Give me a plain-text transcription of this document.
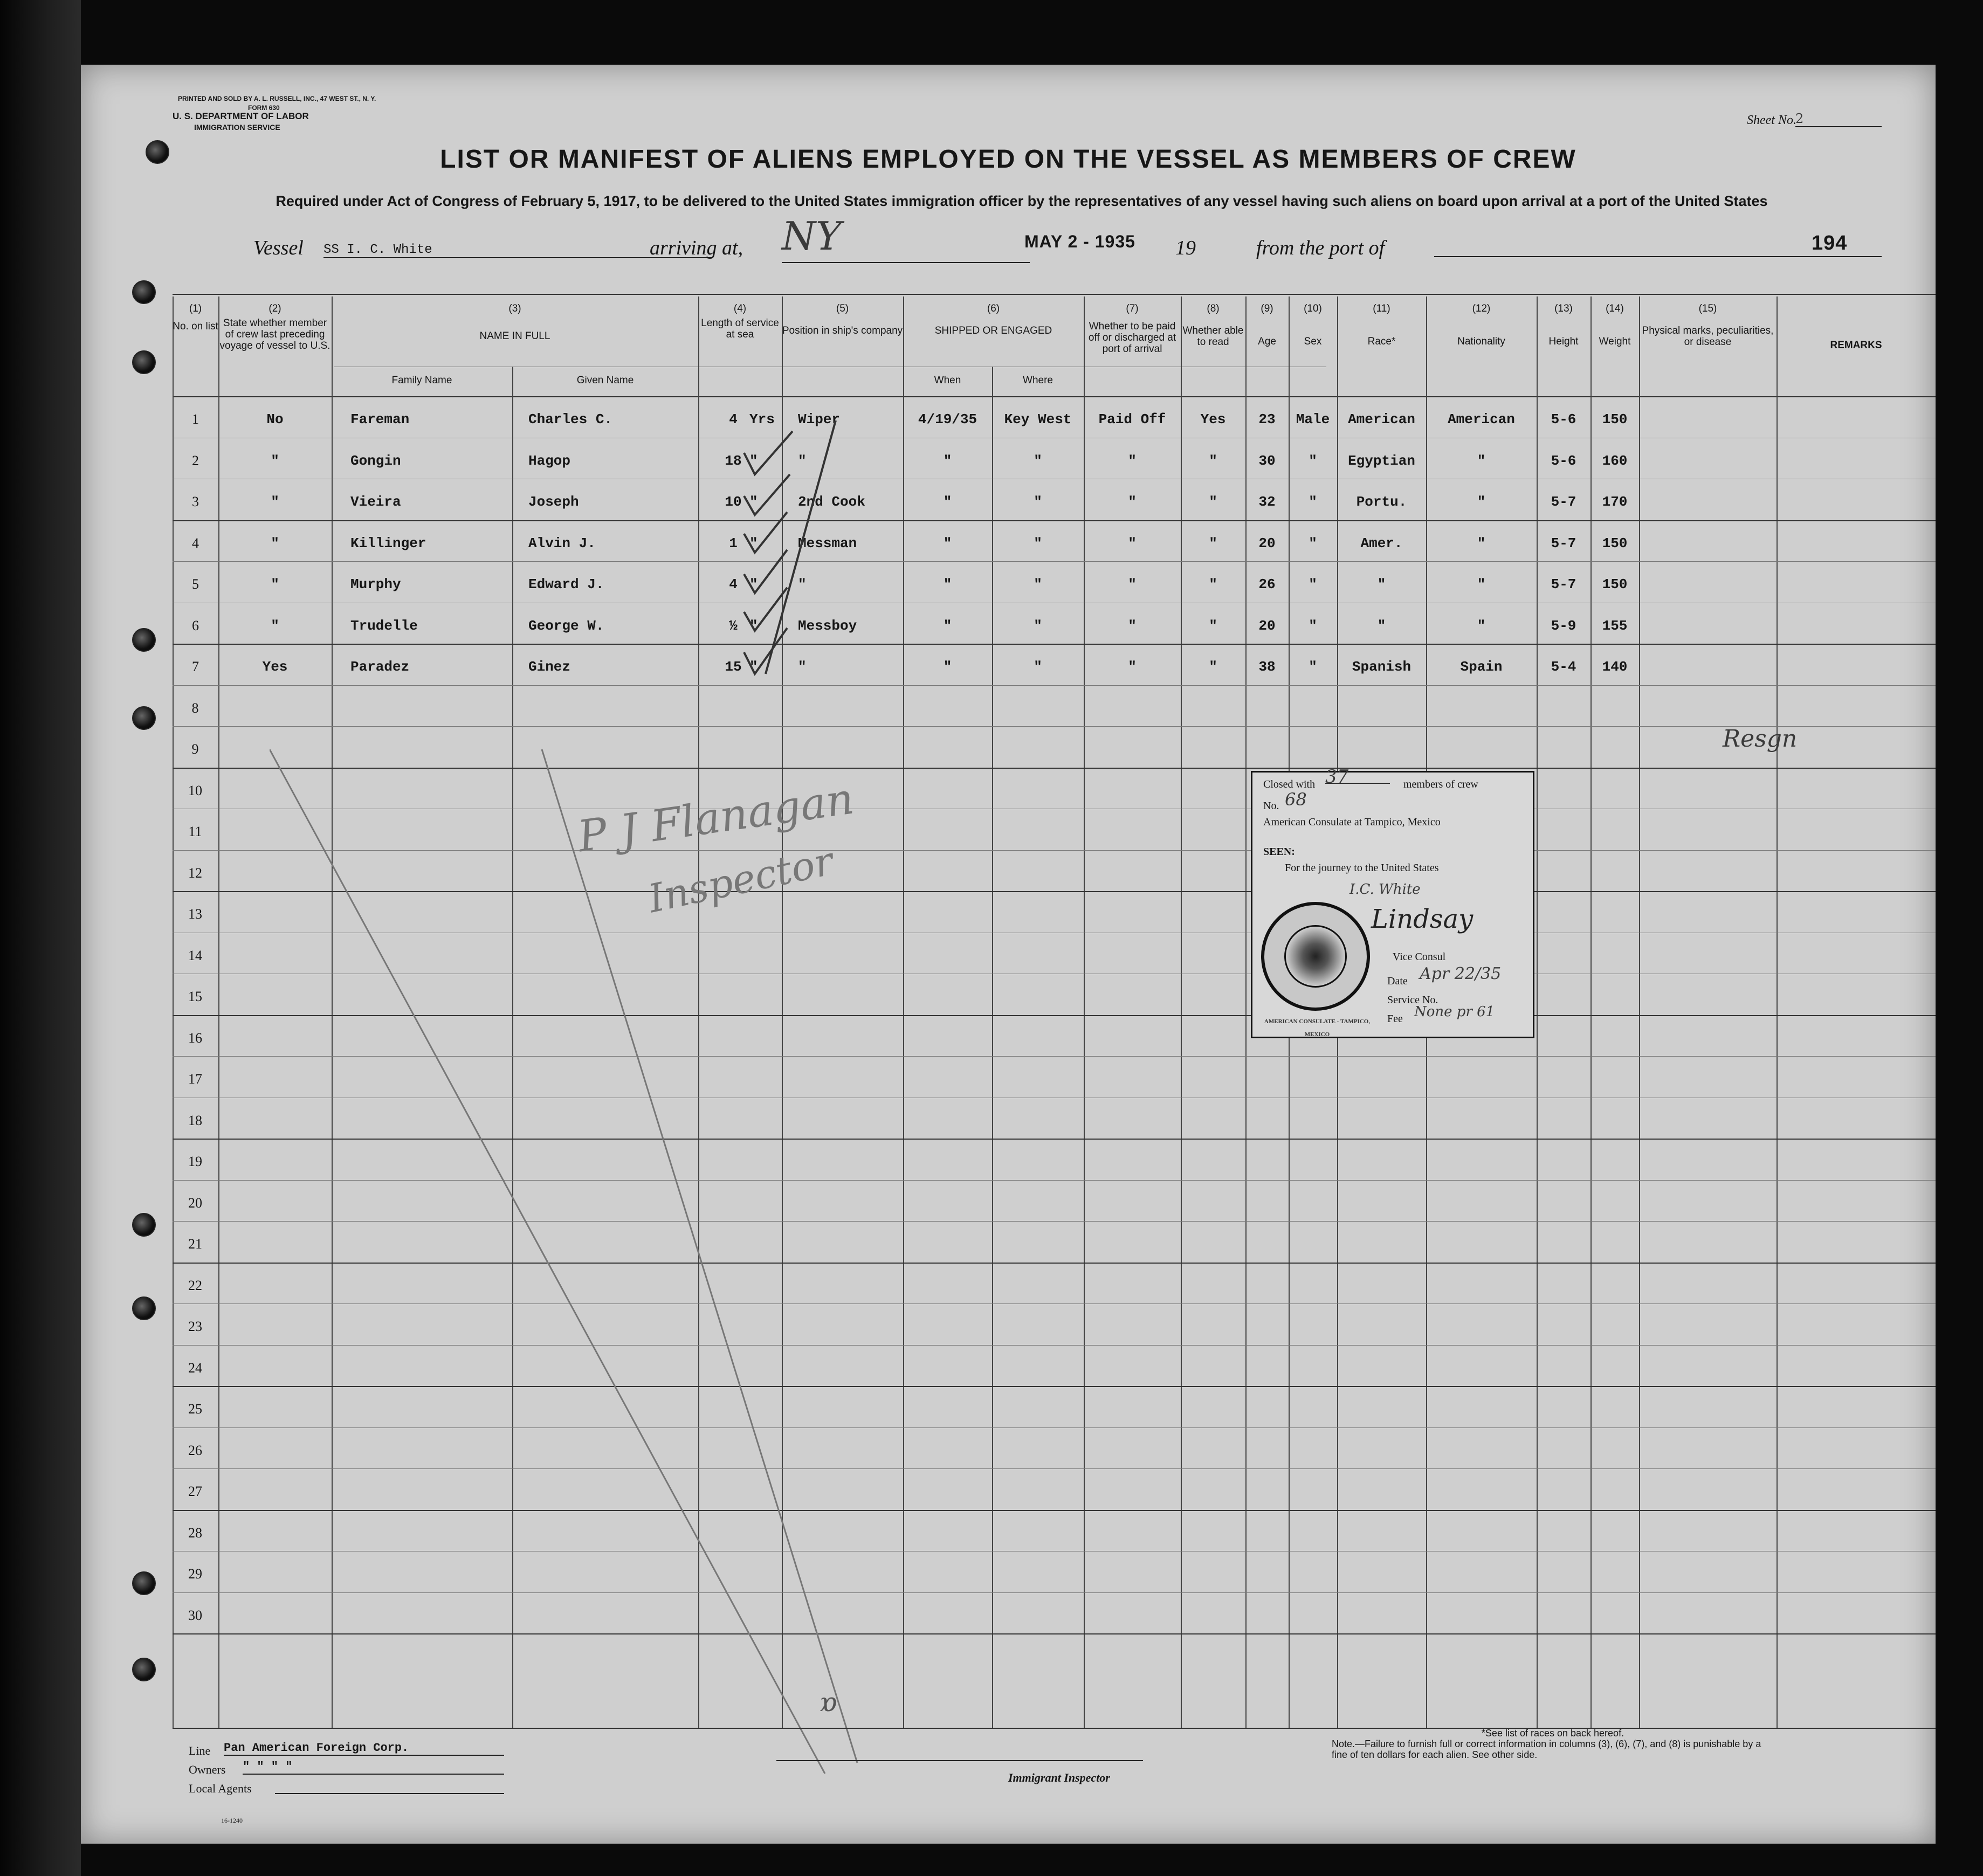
PRINTED AND SOLD BY A. L. RUSSELL, INC., 47 WEST ST., N. Y.
FORM 630
U. S. DEPARTMENT OF LABOR
IMMIGRATION SERVICE	Sheet No.
2
LIST OR MANIFEST OF ALIENS EMPLOYED ON THE VESSEL AS MEMBERS OF CREW
Required under Act of Congress of February 5, 1917, to be delivered to the United States immigration officer by the representatives of any vessel having such aliens on board upon arrival at a port of the United States
Vessel SS I. C. White	arriving at, NY	19	from the port of
MAY 2 - 1935	194
(1)
No. on list
(2)
State whether member of crew last preceding voyage of vessel to U.S.
(3)
NAME IN FULL
Family Name	Given Name
(4)
Length of service at sea
(5)
Position in ship's company
(6)
SHIPPED OR ENGAGED
When	Where
(7)
Whether to be paid off or discharged at port of arrival
(8)
Whether able to read
(9)
Age
(10)
Sex
(11)
Race*
(12)
Nationality
(13)
Height
(14)
Weight
(15)
Physical marks, peculiarities, or disease	REMARKS
1	No	Fareman	Charles C.	4 Yrs	Wiper	4/19/35	Key West	Paid Off	Yes	23	Male	American	American	5-6	150
2	"	Gongin	Hagop	18 "	"	"	"	"	"	30	"	Egyptian	"	5-6	160
3	"	Vieira	Joseph	10 "	2nd Cook	"	"	"	"	32	"	Portu.	"	5-7	170
4	"	Killinger	Alvin J.	1 "	Messman	"	"	"	"	20	"	Amer.	"	5-7	150
5	"	Murphy	Edward J.	4 "	"	"	"	"	"	26	"	"	"	5-7	150
6	"	Trudelle	George W.	½ "	Messboy	"	"	"	"	20	"	"	"	5-9	155
7	Yes	Paradez	Ginez	15 "	"	"	"	"	"	38	"	Spanish	Spain	5-4	140
8
9
10
11
12
13
14
15
16
17
18
19
20
21
22
23
24
25
26
27
28
29
30
Resgn
P J Flanagan
Inspector
Closed with 37	members of crew
No. 68
American Consulate at Tampico, Mexico
SEEN:
For the journey to the United States
I.C. White
AMERICAN CONSULATE · TAMPICO, MEXICO
Lindsay
Vice Consul
Date Apr 22/35
Service No.
Fee None pr 61
Line Pan American Foreign Corp.
Owners " " " "
Local Agents
16-1240
Immigrant Inspector
*See list of races on back hereof.
Note.—Failure to furnish full or correct information in columns (3), (6), (7), and (8) is punishable by a fine of ten dollars for each alien. See other side.
ɒ
